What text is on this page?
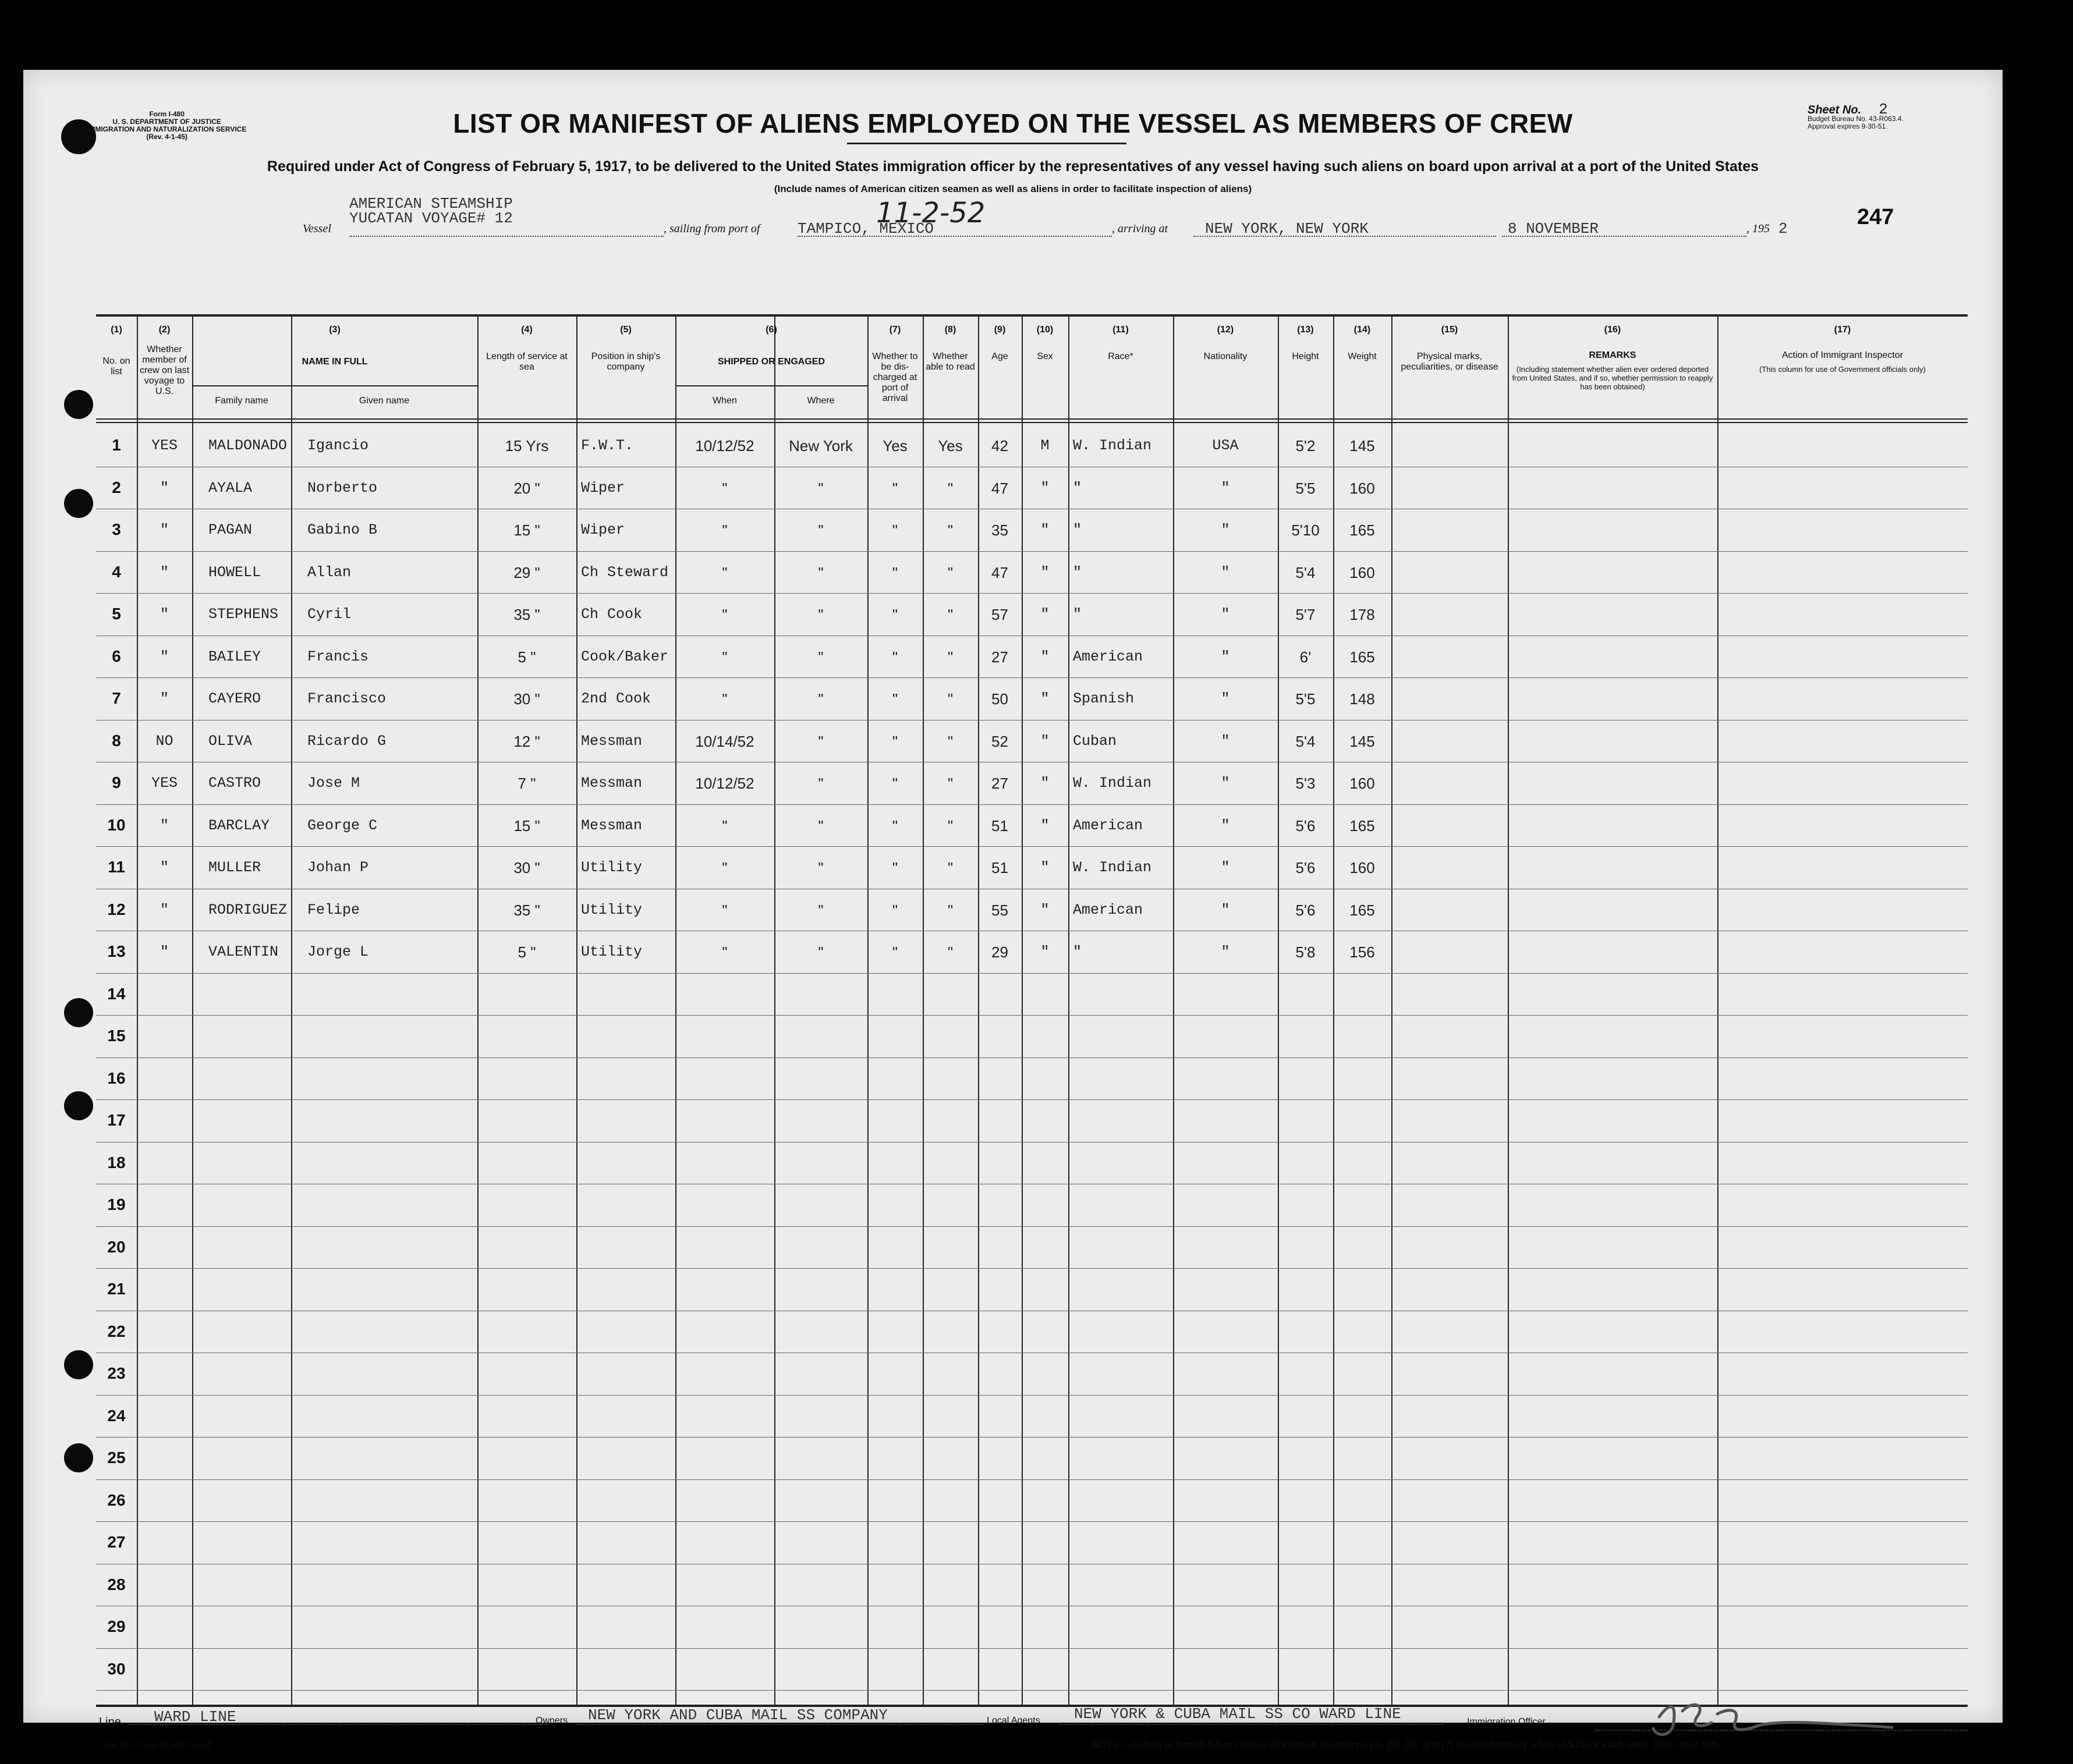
Form I-480
U. S. DEPARTMENT OF JUSTICE
IMMIGRATION AND NATURALIZATION SERVICE
(Rev. 4-1-45)	LIST OR MANIFEST OF ALIENS EMPLOYED ON THE VESSEL AS MEMBERS OF CREW
Required under Act of Congress of February 5, 1917, to be delivered to the United States immigration officer by the representatives of any vessel having such aliens on board upon arrival at a port of the United States
(Include names of American citizen seamen as well as aliens in order to facilitate inspection of aliens)
Sheet No. 2
Budget Bureau No. 43-R063.4.
Approval expires 9-30-51.
247
AMERICAN STEAMSHIP
YUCATAN VOYAGE# 12
Vessel	, sailing from port of TAMPICO, MEXICO
11-2-52	, arriving at NEW YORK, NEW YORK	8 NOVEMBER	, 195 2
(1)
No. on list
(2)
Whether member of crew on last voyage to U.S.
(3)
NAME IN FULL
Family name	Given name
(4)
Length of service at sea
(5)
Position in ship's company
(6)
SHIPPED OR ENGAGED
When	Where
(7)
Whether to be dis- charged at port of arrival
(8)
Whether able to read
(9)
Age
(10)
Sex
(11)
Race*
(12)
Nationality
(13)
Height
(14)
Weight
(15)
Physical marks, peculiarities, or disease
(16)
REMARKS
(Including statement whether alien ever ordered deported from United States, and if so, whether permission to reapply has been obtained)
(17)
Action of Immigrant Inspector
(This column for use of Government officials only)
1	YES	MALDONADO	Igancio	15 Yrs	F.W.T.	10/12/52	New York	Yes	Yes	42	M	W. Indian	USA	5'2	145
2	"	AYALA	Norberto	20 "	Wiper	"	"	"	"	47	"	"	"	5'5	160
3	"	PAGAN	Gabino B	15 "	Wiper	"	"	"	"	35	"	"	"	5'10	165
4	"	HOWELL	Allan	29 "	Ch Steward	"	"	"	"	47	"	"	"	5'4	160
5	"	STEPHENS	Cyril	35 "	Ch Cook	"	"	"	"	57	"	"	"	5'7	178
6	"	BAILEY	Francis	5 "	Cook/Baker	"	"	"	"	27	"	American	"	6'	165
7	"	CAYERO	Francisco	30 "	2nd Cook	"	"	"	"	50	"	Spanish	"	5'5	148
8	NO	OLIVA	Ricardo G	12 "	Messman	10/14/52	"	"	"	52	"	Cuban	"	5'4	145
9	YES	CASTRO	Jose M	7 "	Messman	10/12/52	"	"	"	27	"	W. Indian	"	5'3	160
10	"	BARCLAY	George C	15 "	Messman	"	"	"	"	51	"	American	"	5'6	165
11	"	MULLER	Johan P	30 "	Utility	"	"	"	"	51	"	W. Indian	"	5'6	160
12	"	RODRIGUEZ	Felipe	35 "	Utility	"	"	"	"	55	"	American	"	5'6	165
13	"	VALENTIN	Jorge L	5 "	Utility	"	"	"	"	29	"	"	"	5'8	156
14
15
16
17
18
19
20
21
22
23
24
25
26
27
28
29
30
Line WARD LINE	Owners NEW YORK AND CUBA MAIL SS COMPANY	Local Agents NEW YORK & CUBA MAIL SS CO WARD LINE	Immigration Officer
* See list of races on back hereof.	NOTE.—Failure to furnish full or correct information in columns (3), (5), (6), and (7) is punishable by a fine of $10 for each alien. (See other side
